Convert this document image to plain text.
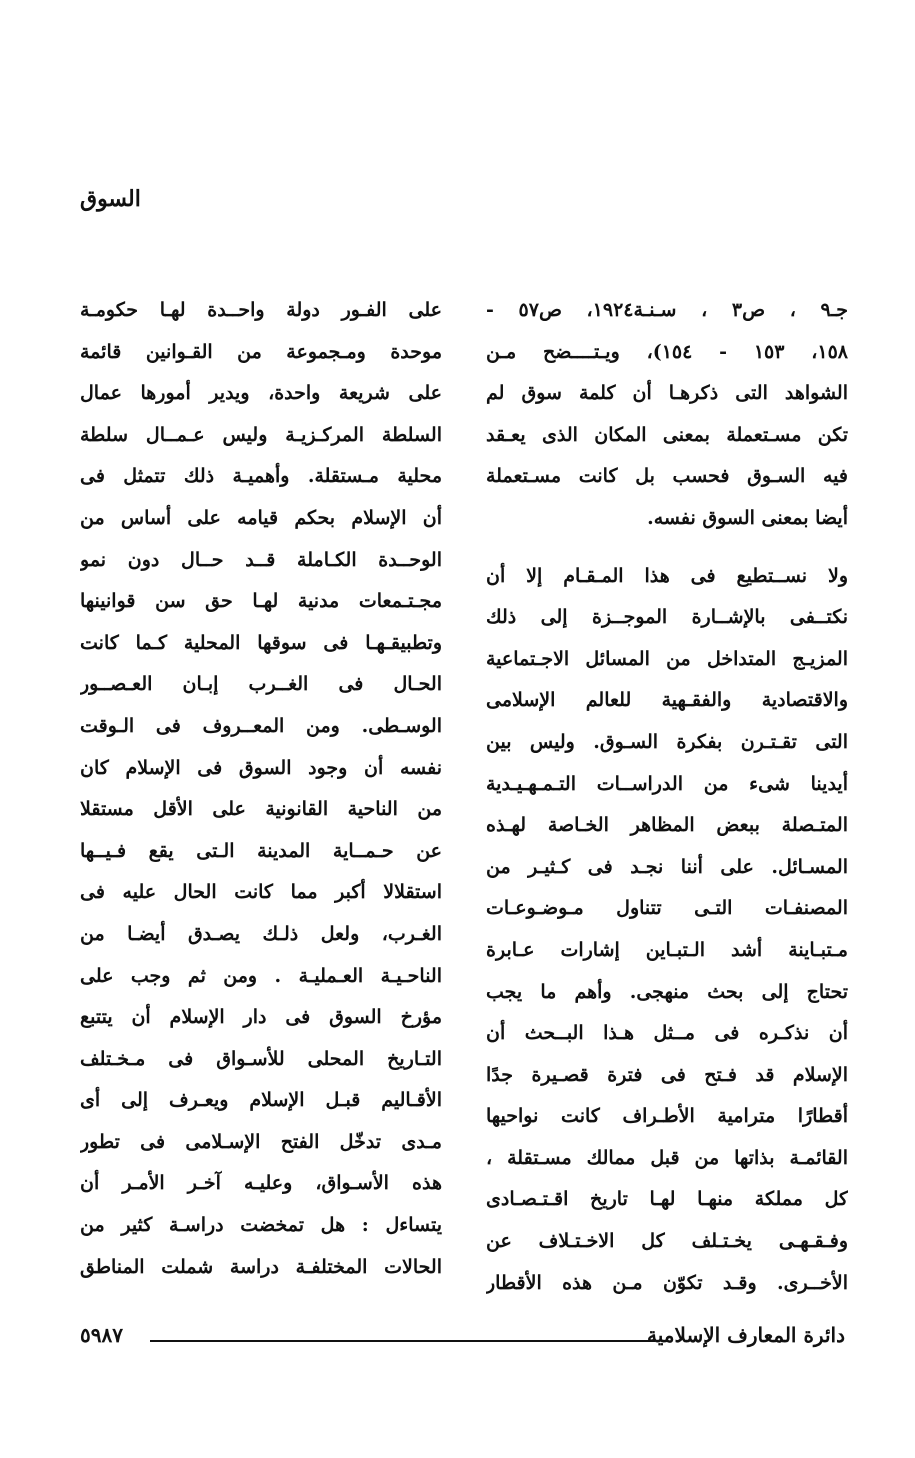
السوق
جـ٩ ، ص٣ ، سـنـة١٩٢٤، ص٥٧ -
١٥٨، ١٥٣ - ١٥٤)، ويـتــــضح مـن
الشواهد التى ذكرهـا أن كلمة سوق لم
تكن مسـتعملة بمعنى المكان الذى يعـقد
فيه السـوق فحسب بل كانت مسـتعملة
أيضا بمعنى السوق نفسه.
ولا نســتطيع فى هذا المـقـام إلا أن
نكتــفى بالإشــارة الموجــزة إلى ذلك
المزيـج المتداخل من المسائل الاجـتماعية
والاقتصادية والفقـهية للعالم الإسلامى
التى تقـتـرن بفكرة السـوق. وليس بين
أيدينا شىء من الدراســات التـمـهـيـدية
المتـصلة ببعض المظاهر الخـاصة لهـذه
المسـائل. على أننا نجـد فى كـثيـر من
المصنفـات التـى تتناول مـوضـوعـات
مـتبـاينة أشد الـتبـاين إشارات عـابرة
تحتاج إلى بحث منهجى. وأهم ما يجب
أن نذكـره فى مــثل هـذا البــحث أن
الإسلام قد فـتح فى فترة قصـيرة جدًا
أقطارًا مترامية الأطـراف كانت نواحيها
القائمـة بذاتها من قبل ممالك مسـتقلة ،
كل مملكة منهـا لهـا تاريخ اقـتـصـادى
وفـقـهـى يخـتـلف كل الاخـتـلاف عن
الأخــرى. وقـد تكوّن مـن هذه الأقطار
على الفـور دولة واحــدة لهـا حكومـة
موحدة ومـجموعة من القـوانين قائمة
على شريعة واحدة، ويدير أمورها عمال
السلطة المركـزيـة وليس عـمــال سلطة
محلية مـستقلة. وأهميـة ذلك تتمثل فى
أن الإسلام بحكم قيامه على أساس من
الوحــدة الكـاملة قــد حــال دون نمو
مجـتـمعات مدنية لهـا حق سن قوانينها
وتطبيقـهـا فى سوقها المحلية كـما كانت
الحـال فى الغــرب إبـان العـصــور
الوسـطى. ومن المعــروف فى الـوقت
نفسه أن وجود السوق فى الإسلام كان
من الناحية القانونية على الأقل مستقلا
عن حـمــاية المدينة الـتى يقع فـيــها
استقلالا أكبر مما كانت الحال عليه فى
الغـرب، ولعل ذلـك يصـدق أيضـا من
الناحـيـة العـمليـة . ومن ثم وجب على
مؤرخ السوق فى دار الإسلام أن يتتبع
التـاريخ المحلى للأسـواق فى مـخـتلف
الأقـاليم قبـل الإسلام ويعـرف إلى أى
مـدى تدخّل الفتح الإسـلامى فى تطور
هذه الأسـواق، وعليـه آخـر الأمـر أن
يتساءل : هل تمخضت دراسـة كثير من
الحالات المختلفـة دراسة شملت المناطق
٥٩٨٧	دائرة المعارف الإسلامية
